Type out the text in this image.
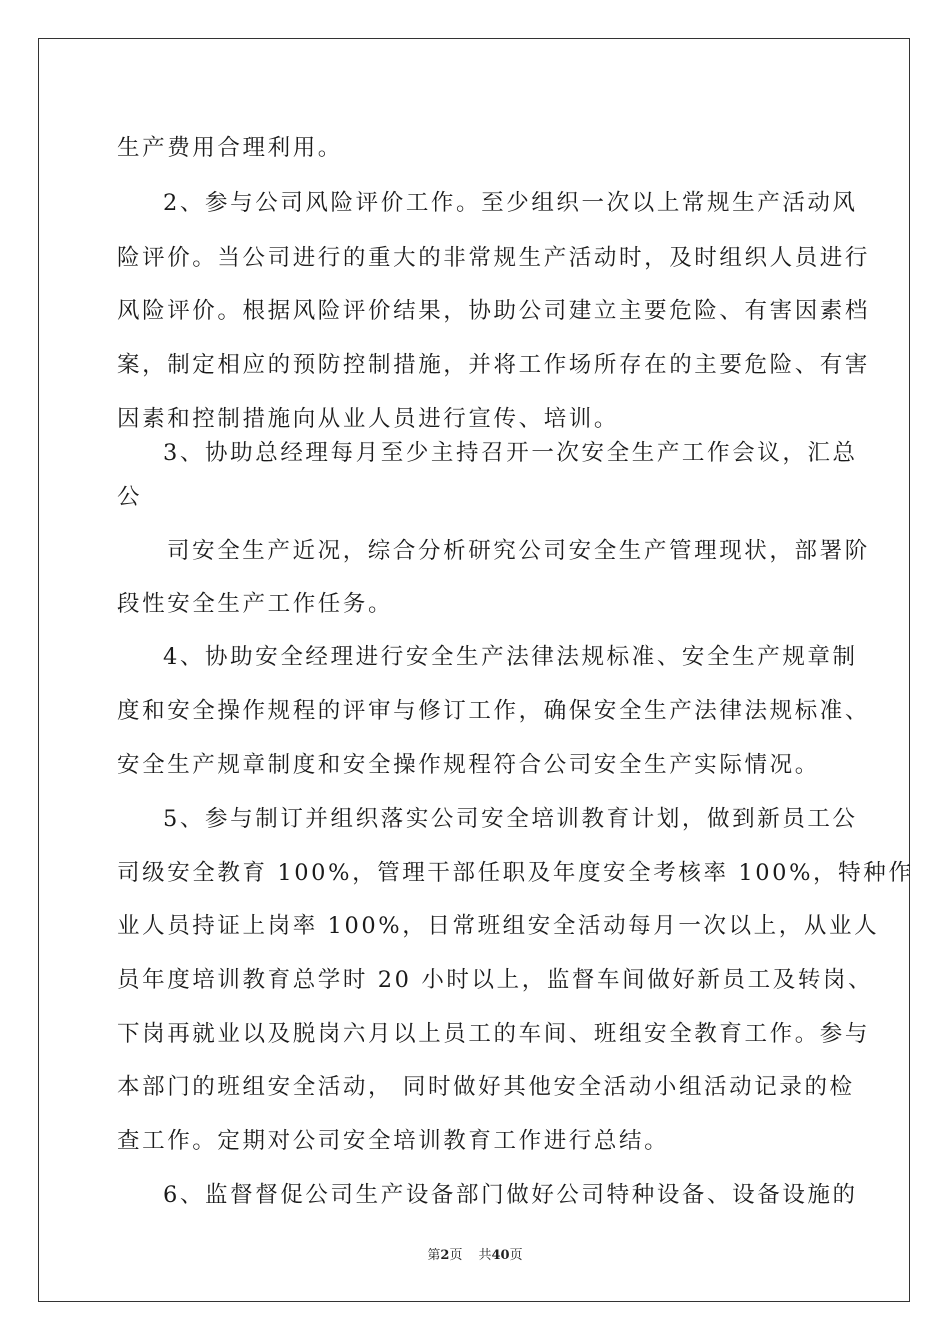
生产费用合理利用。
2、参与公司风险评价工作。至少组织一次以上常规生产活动风
险评价。当公司进行的重大的非常规生产活动时，及时组织人员进行
风险评价。根据风险评价结果，协助公司建立主要危险、有害因素档
案，制定相应的预防控制措施，并将工作场所存在的主要危险、有害
因素和控制措施向从业人员进行宣传、培训。
3、协助总经理每月至少主持召开一次安全生产工作会议，汇总
公
司安全生产近况，综合分析研究公司安全生产管理现状，部署阶
段性安全生产工作任务。
4、协助安全经理进行安全生产法律法规标准、安全生产规章制
度和安全操作规程的评审与修订工作，确保安全生产法律法规标准、
安全生产规章制度和安全操作规程符合公司安全生产实际情况。
5、参与制订并组织落实公司安全培训教育计划，做到新员工公
司级安全教育 100%，管理干部任职及年度安全考核率 100%，特种作
业人员持证上岗率 100%，日常班组安全活动每月一次以上，从业人
员年度培训教育总学时 20 小时以上，监督车间做好新员工及转岗、
下岗再就业以及脱岗六月以上员工的车间、班组安全教育工作。参与
本部门的班组安全活动， 同时做好其他安全活动小组活动记录的检
查工作。定期对公司安全培训教育工作进行总结。
6、监督督促公司生产设备部门做好公司特种设备、设备设施的
第2页 共40页
